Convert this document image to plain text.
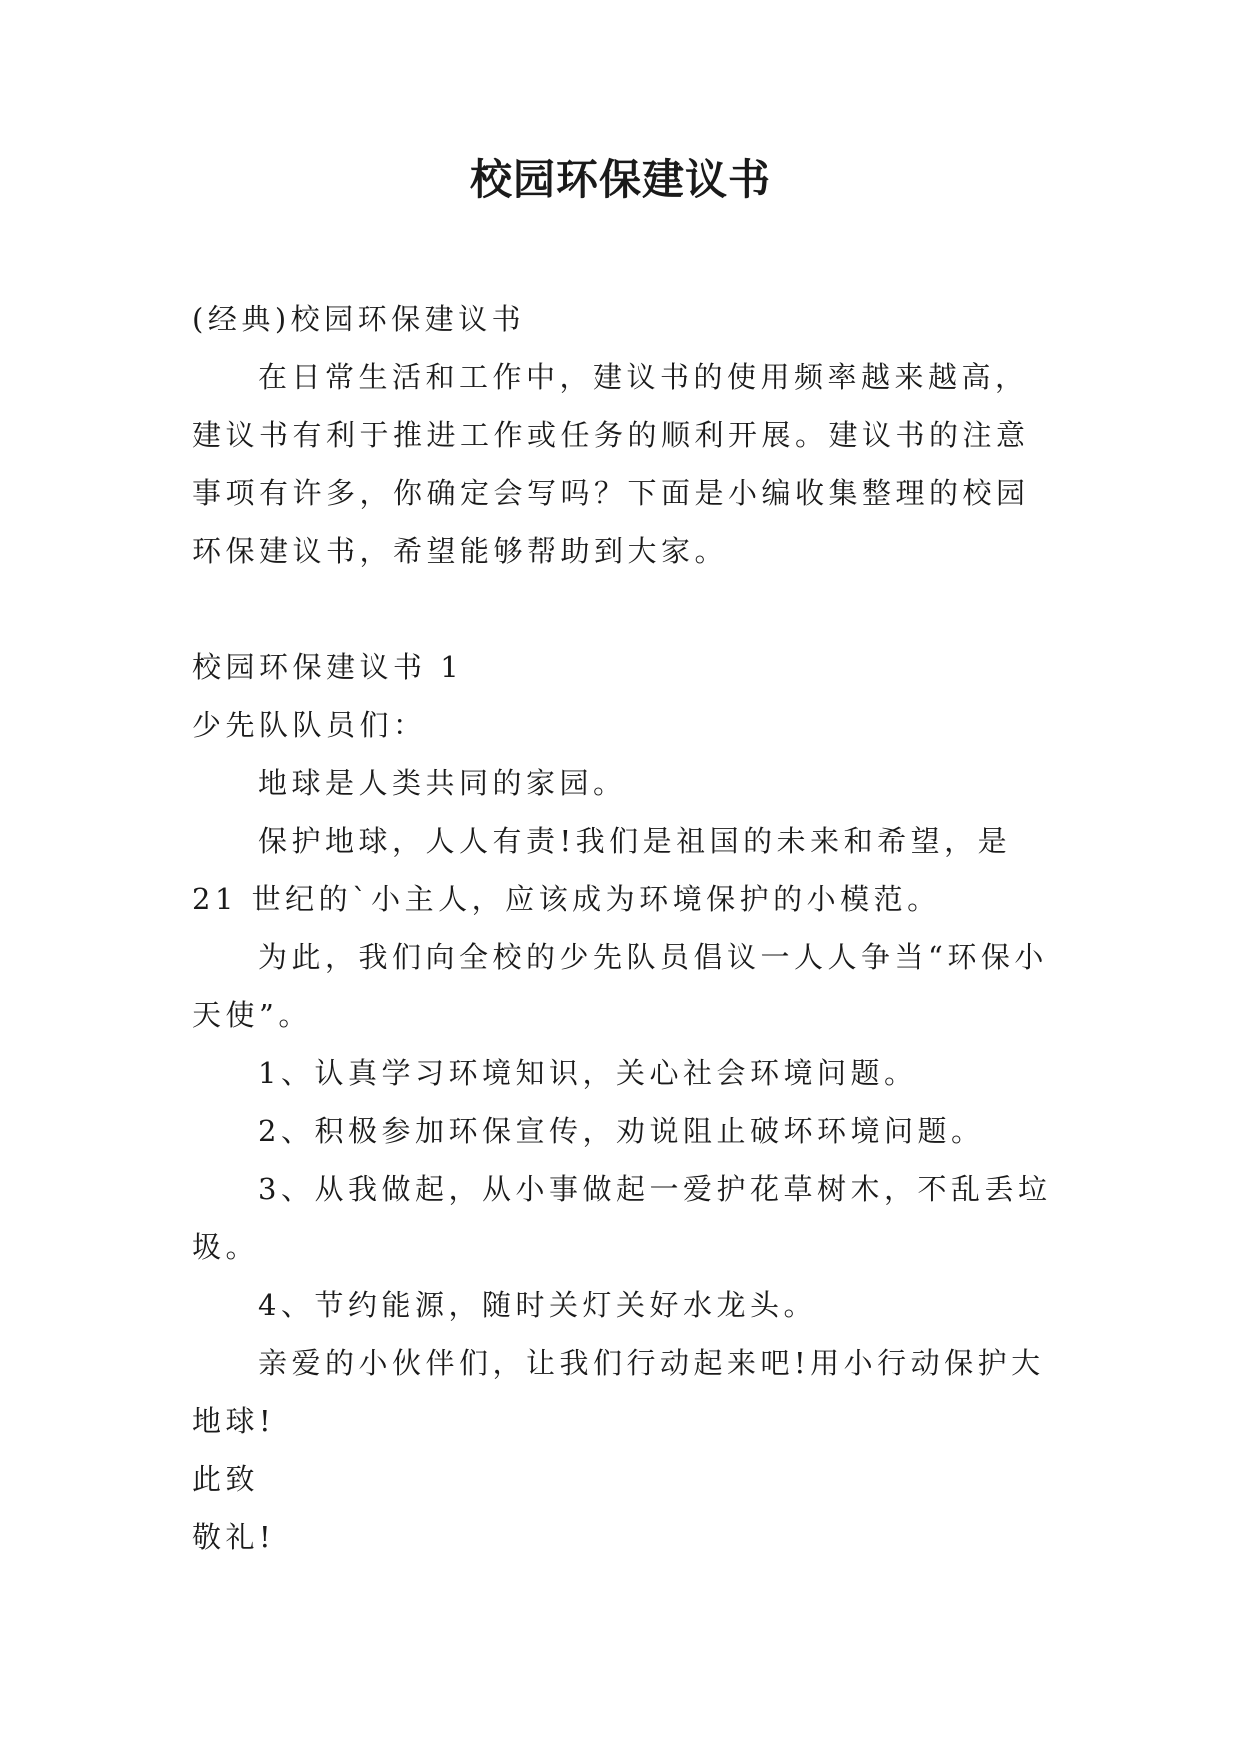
校园环保建议书

(经典)校园环保建议书

在日常生活和工作中，建议书的使用频率越来越高，建议书有利于推进工作或任务的顺利开展。建议书的注意事项有许多，你确定会写吗？下面是小编收集整理的校园环保建议书，希望能够帮助到大家。

校园环保建议书 1

少先队队员们：

地球是人类共同的家园。

保护地球，人人有责!我们是祖国的未来和希望，是 21 世纪的`小主人，应该成为环境保护的小模范。

为此，我们向全校的少先队员倡议一人人争当“环保小天使”。

1、认真学习环境知识，关心社会环境问题。

2、积极参加环保宣传，劝说阻止破坏环境问题。

3、从我做起，从小事做起一爱护花草树木，不乱丢垃圾。

4、节约能源，随时关灯关好水龙头。

亲爱的小伙伴们，让我们行动起来吧!用小行动保护大地球!

此致

敬礼!
